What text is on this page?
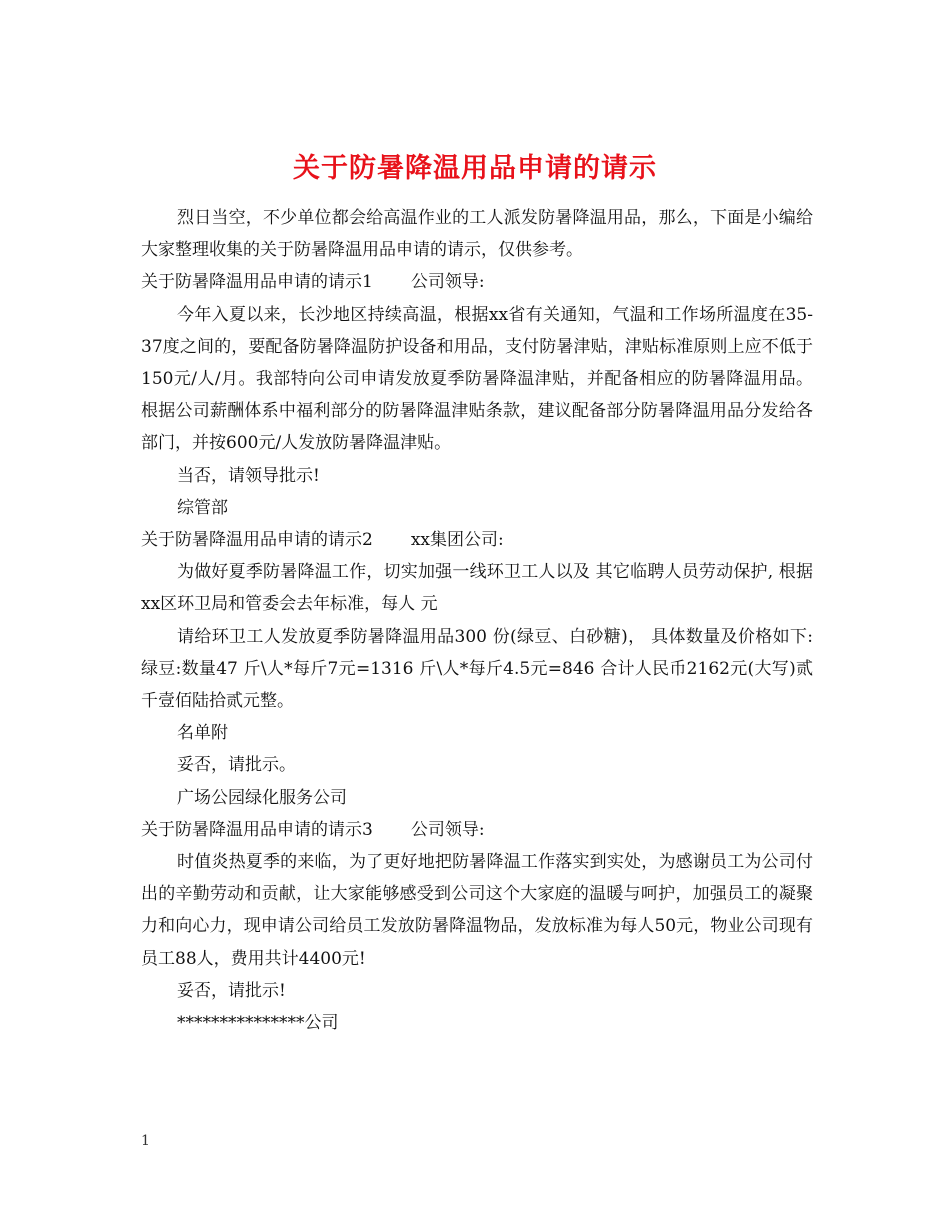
关于防暑降温用品申请的请示

烈日当空，不少单位都会给高温作业的工人派发防暑降温用品，那么，下面是小编给大家整理收集的关于防暑降温用品申请的请示，仅供参考。

关于防暑降温用品申请的请示1 公司领导:

今年入夏以来，长沙地区持续高温，根据xx省有关通知，气温和工作场所温度在35-37度之间的，要配备防暑降温防护设备和用品，支付防暑津贴，津贴标准原则上应不低于150元/人/月。我部特向公司申请发放夏季防暑降温津贴，并配备相应的防暑降温用品。根据公司薪酬体系中福利部分的防暑降温津贴条款，建议配备部分防暑降温用品分发给各部门，并按600元/人发放防暑降温津贴。

当否，请领导批示!

综管部

关于防暑降温用品申请的请示2 xx集团公司:

为做好夏季防暑降温工作，切实加强一线环卫工人以及 其它临聘人员劳动保护, 根据xx区环卫局和管委会去年标准，每人 元

请给环卫工人发放夏季防暑降温用品300 份(绿豆、白砂糖)， 具体数量及价格如下: 绿豆:数量47 斤\人*每斤7元=1316 斤\人*每斤4.5元=846 合计人民币2162元(大写)贰千壹佰陆拾贰元整。

名单附

妥否，请批示。

广场公园绿化服务公司

关于防暑降温用品申请的请示3 公司领导:

时值炎热夏季的来临，为了更好地把防暑降温工作落实到实处，为感谢员工为公司付出的辛勤劳动和贡献，让大家能够感受到公司这个大家庭的温暖与呵护，加强员工的凝聚力和向心力，现申请公司给员工发放防暑降温物品，发放标准为每人50元，物业公司现有员工88人，费用共计4400元!

妥否，请批示!

***************公司

1
